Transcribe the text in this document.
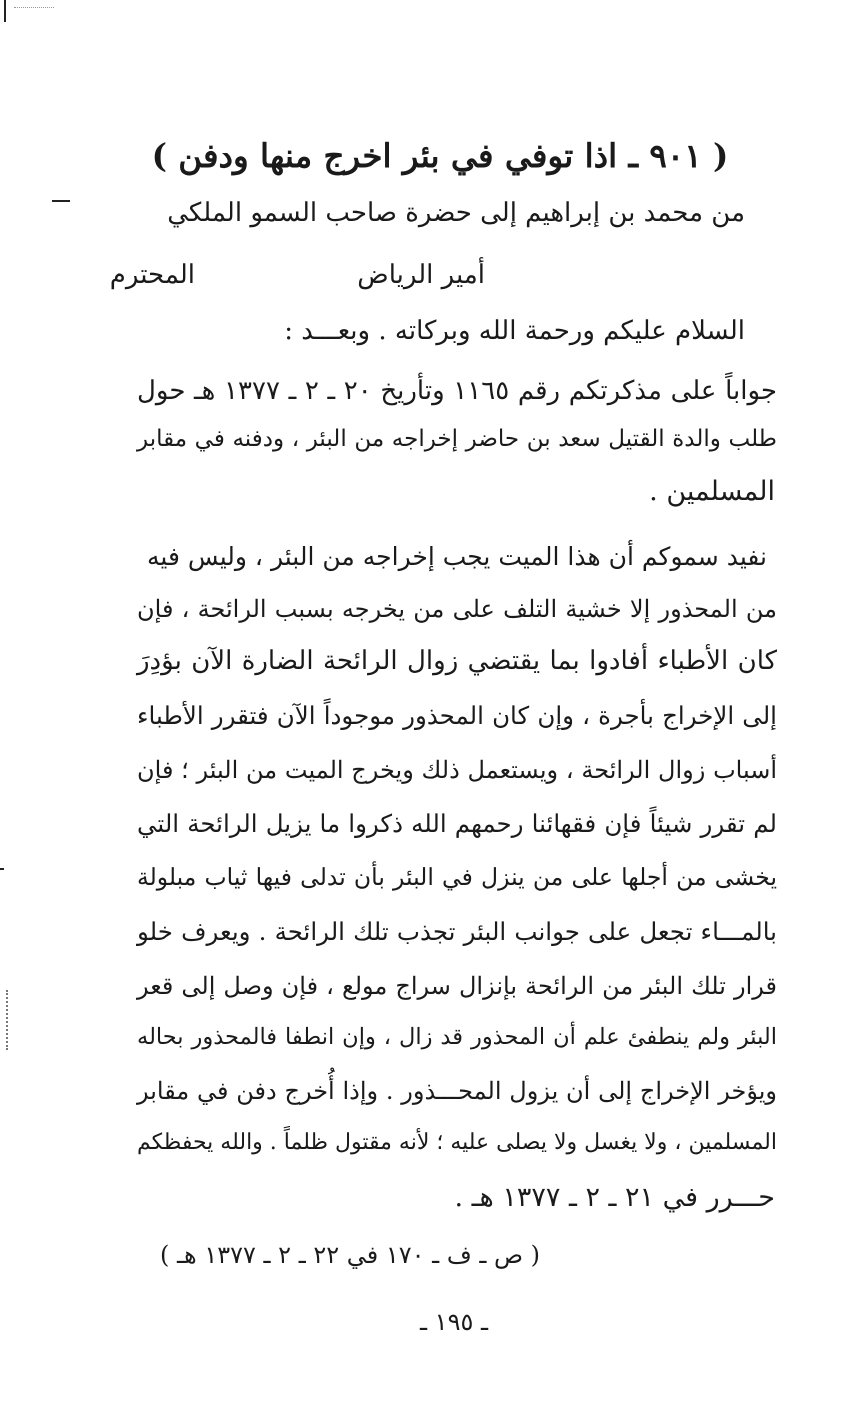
( ٩٠١ ـ اذا توفي في بئر اخرج منها ودفن )
من محمد بن إبراهيم إلى حضرة صاحب السمو الملكي
أمير الرياض
المحترم
السلام عليكم ورحمة الله وبركاته . وبعـــد :
جواباً على مذكرتكم رقم ١١٦٥ وتأريخ ٢٠ ـ ٢ ـ ١٣٧٧ هـ حول
طلب والدة القتيل سعد بن حاضر إخراجه من البئر ، ودفنه في مقابر
المسلمين .
نفيد سموكم أن هذا الميت يجب إخراجه من البئر ، وليس فيه
من المحذور إلا خشية التلف على من يخرجه بسبب الرائحة ، فإن
كان الأطباء أفادوا بما يقتضي زوال الرائحة الضارة الآن بؤدِرَ
إلى الإخراج بأجرة ، وإن كان المحذور موجوداً الآن فتقرر الأطباء
أسباب زوال الرائحة ، ويستعمل ذلك ويخرج الميت من البئر ؛ فإن
لم تقرر شيئاً فإن فقهائنا رحمهم الله ذكروا ما يزيل الرائحة التي
يخشى من أجلها على من ينزل في البئر بأن تدلى فيها ثياب مبلولة
بالمـــاء تجعل على جوانب البئر تجذب تلك الرائحة . ويعرف خلو
قرار تلك البئر من الرائحة بإنزال سراج مولع ، فإن وصل إلى قعر
البئر ولم ينطفئ علم أن المحذور قد زال ، وإن انطفا فالمحذور بحاله
ويؤخر الإخراج إلى أن يزول المحـــذور . وإذا أُخرج دفن في مقابر
المسلمين ، ولا يغسل ولا يصلى عليه ؛ لأنه مقتول ظلماً . والله يحفظكم
حـــرر في ٢١ ـ ٢ ـ ١٣٧٧ هـ .
( ص ـ ف ـ ١٧٠ في ٢٢ ـ ٢ ـ ١٣٧٧ هـ )
ـ ١٩٥ ـ
